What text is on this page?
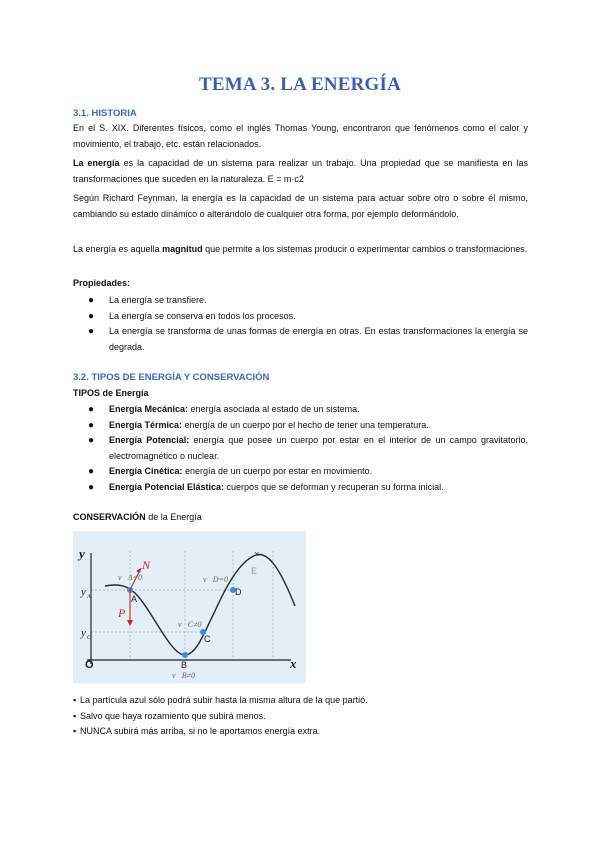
TEMA 3. LA ENERGÍA
3.1. HISTORIA
En el S. XIX. Diferentes físicos, como el inglés Thomas Young, encontraron que fenómenos como el calor y movimiento, el trabajo, etc. están relacionados.
La energía es la capacidad de un sistema para realizar un trabajo. Una propiedad que se manifiesta en las transformaciones que suceden en la naturaleza. E = m·c2
Según Richard Feynman, la energía es la capacidad de un sistema para actuar sobre otro o sobre él mismo, cambiando su estado dinámico o alterándolo de cualquier otra forma, por ejemplo deformándolo.
La energía es aquella magnitud que permite a los sistemas producir o experimentar cambios o transformaciones.
Propiedades:
● La energía se transfiere.
● La energía se conserva en todos los procesos.
● La energía se transforma de unas formas de energía en otras. En estas transformaciones la energía se degrada.
3.2. TIPOS DE ENERGÍA Y CONSERVACIÓN
TIPOS de Energía
● Energía Mecánica: energía asociada al estado de un sistema.
● Energía Térmica: energía de un cuerpo por el hecho de tener una temperatura.
● Energía Potencial: energía que posee un cuerpo por estar en el interior de un campo gravitatorio, electromagnético o nuclear.
● Energía Cinética: energía de un cuerpo por estar en movimiento.
● Energía Potencial Elástica: cuerpos que se deforman y recuperan su forma inicial.
CONSERVACIÓN de la Energía
×
E
y
x
y A
y C
v⃗A=0	v⃗D=0
v⃗C≠0
v⃗B≠0
N⃗
P⃗
O
A
B
C
D
▪ La partícula azul sólo podrá subir hasta la misma altura de la que partió.
▪ Salvo que haya rozamiento que subirá menos.
▪ NUNCA subirá más arriba, si no le aportamos energía extra.
